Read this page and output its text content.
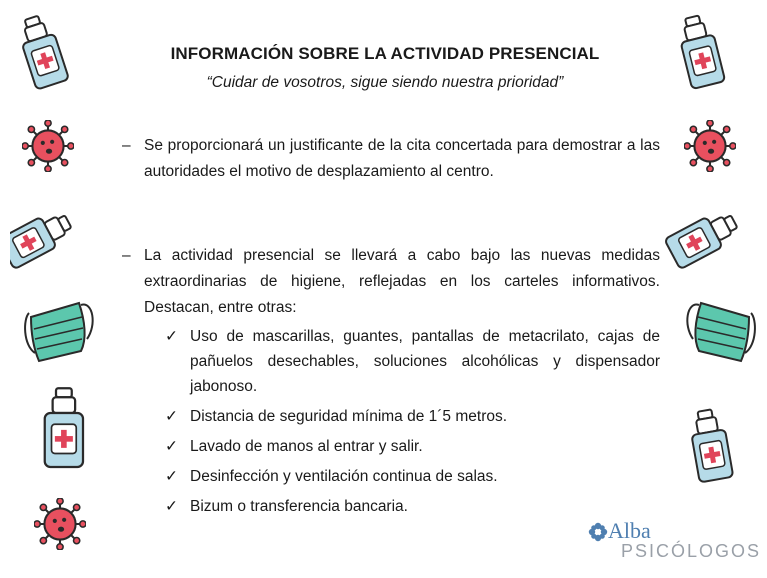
INFORMACIÓN SOBRE LA ACTIVIDAD PRESENCIAL
“Cuidar de vosotros, sigue siendo nuestra prioridad”
– Se proporcionará un justificante de la cita concertada para demostrar a las autoridades el motivo de desplazamiento al centro.
– La actividad presencial se llevará a cabo bajo las nuevas medidas extraordinarias de higiene, reflejadas en los carteles informativos. Destacan, entre otras:
✓ Uso de mascarillas, guantes, pantallas de metacrilato, cajas de pañuelos desechables, soluciones alcohólicas y dispensador jabonoso.
✓ Distancia de seguridad mínima de 1´5 metros.
✓ Lavado de manos al entrar y salir.
✓ Desinfección y ventilación continua de salas.
✓ Bizum o transferencia bancaria.
Alba
PSICÓLOGOS
